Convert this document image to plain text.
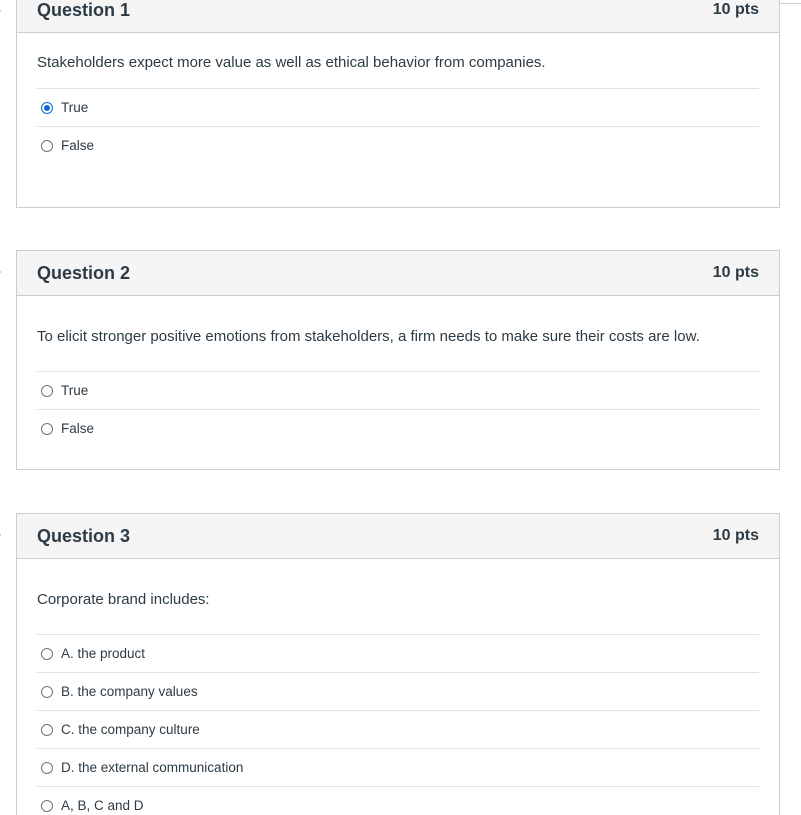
Question 1	10 pts
Stakeholders expect more value as well as ethical behavior from companies.
True
False
Question 2	10 pts
To elicit stronger positive emotions from stakeholders, a firm needs to make sure their costs are low.
True
False
Question 3	10 pts
Corporate brand includes:
A. the product
B. the company values
C. the company culture
D. the external communication
A, B, C and D
